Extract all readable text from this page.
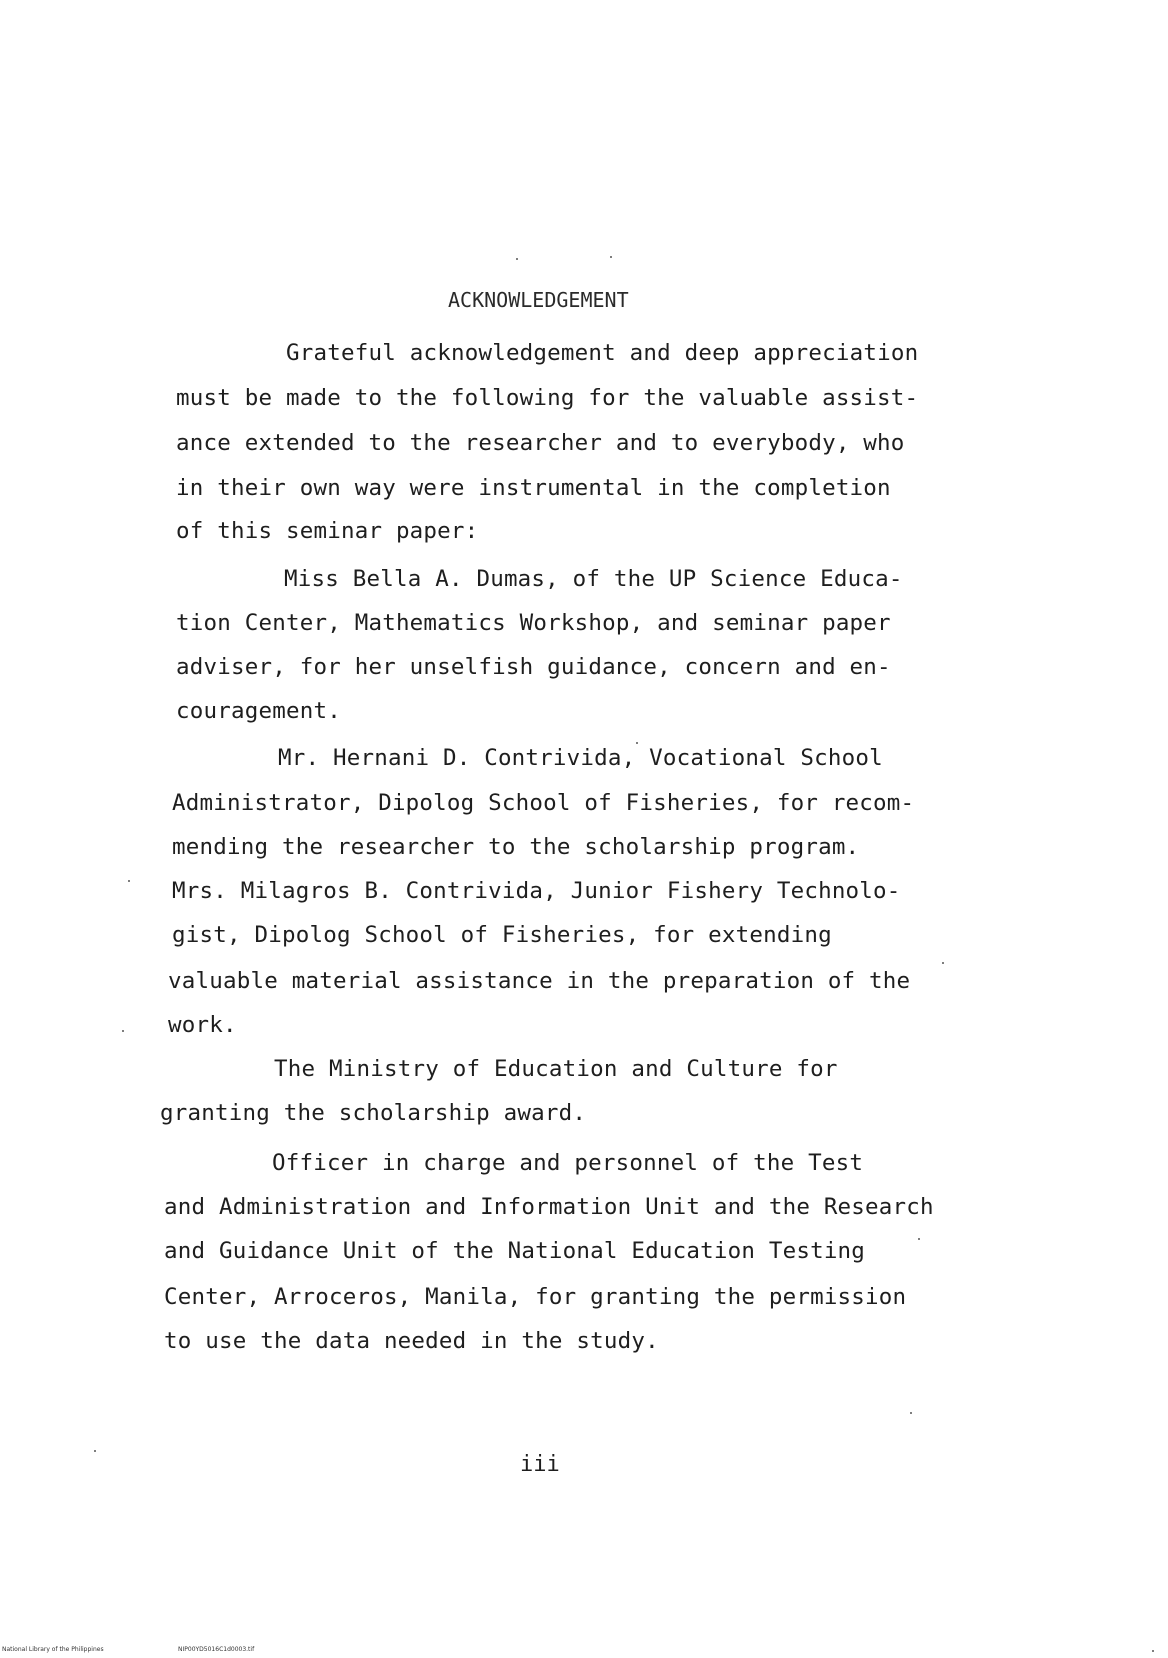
ACKNOWLEDGEMENT
Grateful acknowledgement and deep appreciation
must be made to the following for the valuable assist-
ance extended to the researcher and to everybody, who
in their own way were instrumental in the completion
of this seminar paper:
Miss Bella A. Dumas, of the UP Science Educa-
tion Center, Mathematics Workshop, and seminar paper
adviser, for her unselfish guidance, concern and en-
couragement.
Mr. Hernani D. Contrivida, Vocational School
Administrator, Dipolog School of Fisheries, for recom-
mending the researcher to the scholarship program.
Mrs. Milagros B. Contrivida, Junior Fishery Technolo-
gist, Dipolog School of Fisheries, for extending
valuable material assistance in the preparation of the
work.
The Ministry of Education and Culture for
granting the scholarship award.
Officer in charge and personnel of the Test
and Administration and Information Unit and the Research
and Guidance Unit of the National Education Testing
Center, Arroceros, Manila, for granting the permission
to use the data needed in the study.
iii
National Library of the Philippines	NIP00YD5016C1d0003.tif
